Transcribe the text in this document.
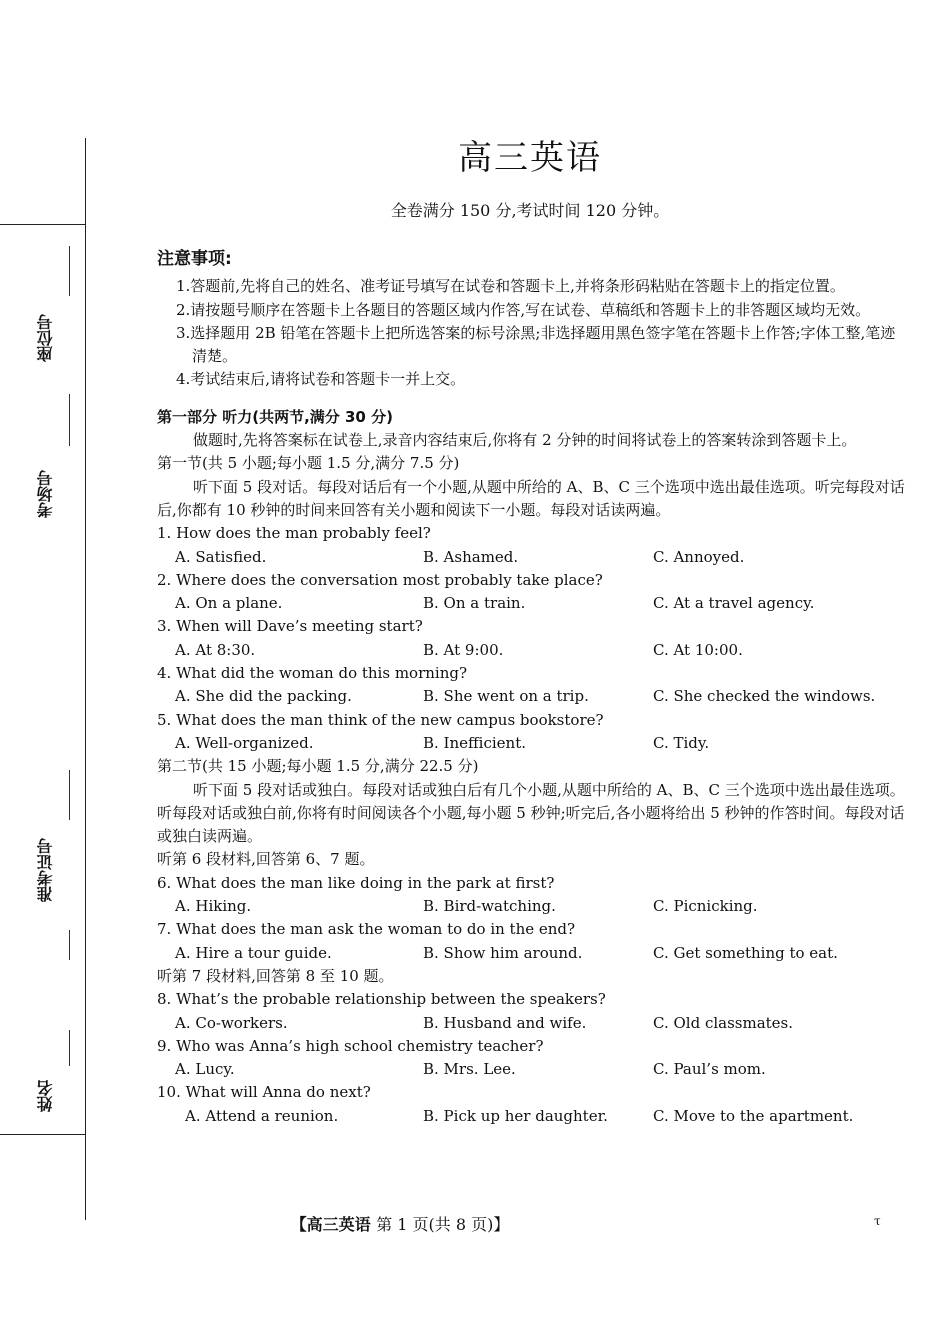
座位号
考场号
准考证号
姓名
高三英语
全卷满分 150 分,考试时间 120 分钟。
注意事项:
1.答题前,先将自己的姓名、准考证号填写在试卷和答题卡上,并将条形码粘贴在答题卡上的指定位置。
2.请按题号顺序在答题卡上各题目的答题区域内作答,写在试卷、草稿纸和答题卡上的非答题区域均无效。
3.选择题用 2B 铅笔在答题卡上把所选答案的标号涂黑;非选择题用黑色签字笔在答题卡上作答;字体工整,笔迹清楚。
4.考试结束后,请将试卷和答题卡一并上交。
第一部分 听力(共两节,满分 30 分)
做题时,先将答案标在试卷上,录音内容结束后,你将有 2 分钟的时间将试卷上的答案转涂到答题卡上。
第一节(共 5 小题;每小题 1.5 分,满分 7.5 分)
听下面 5 段对话。每段对话后有一个小题,从题中所给的 A、B、C 三个选项中选出最佳选项。听完每段对话后,你都有 10 秒钟的时间来回答有关小题和阅读下一小题。每段对话读两遍。
1. How does the man probably feel?
A. Satisfied.	B. Ashamed.	C. Annoyed.
2. Where does the conversation most probably take place?
A. On a plane.	B. On a train.	C. At a travel agency.
3. When will Dave’s meeting start?
A. At 8:30.	B. At 9:00.	C. At 10:00.
4. What did the woman do this morning?
A. She did the packing.	B. She went on a trip.	C. She checked the windows.
5. What does the man think of the new campus bookstore?
A. Well-organized.	B. Inefficient.	C. Tidy.
第二节(共 15 小题;每小题 1.5 分,满分 22.5 分)
听下面 5 段对话或独白。每段对话或独白后有几个小题,从题中所给的 A、B、C 三个选项中选出最佳选项。听每段对话或独白前,你将有时间阅读各个小题,每小题 5 秒钟;听完后,各小题将给出 5 秒钟的作答时间。每段对话或独白读两遍。
听第 6 段材料,回答第 6、7 题。
6. What does the man like doing in the park at first?
A. Hiking.	B. Bird-watching.	C. Picnicking.
7. What does the man ask the woman to do in the end?
A. Hire a tour guide.	B. Show him around.	C. Get something to eat.
听第 7 段材料,回答第 8 至 10 题。
8. What’s the probable relationship between the speakers?
A. Co-workers.	B. Husband and wife.	C. Old classmates.
9. Who was Anna’s high school chemistry teacher?
A. Lucy.	B. Mrs. Lee.	C. Paul’s mom.
10. What will Anna do next?
A. Attend a reunion.	B. Pick up her daughter.	C. Move to the apartment.
【高三英语 第 1 页(共 8 页)】	τ
